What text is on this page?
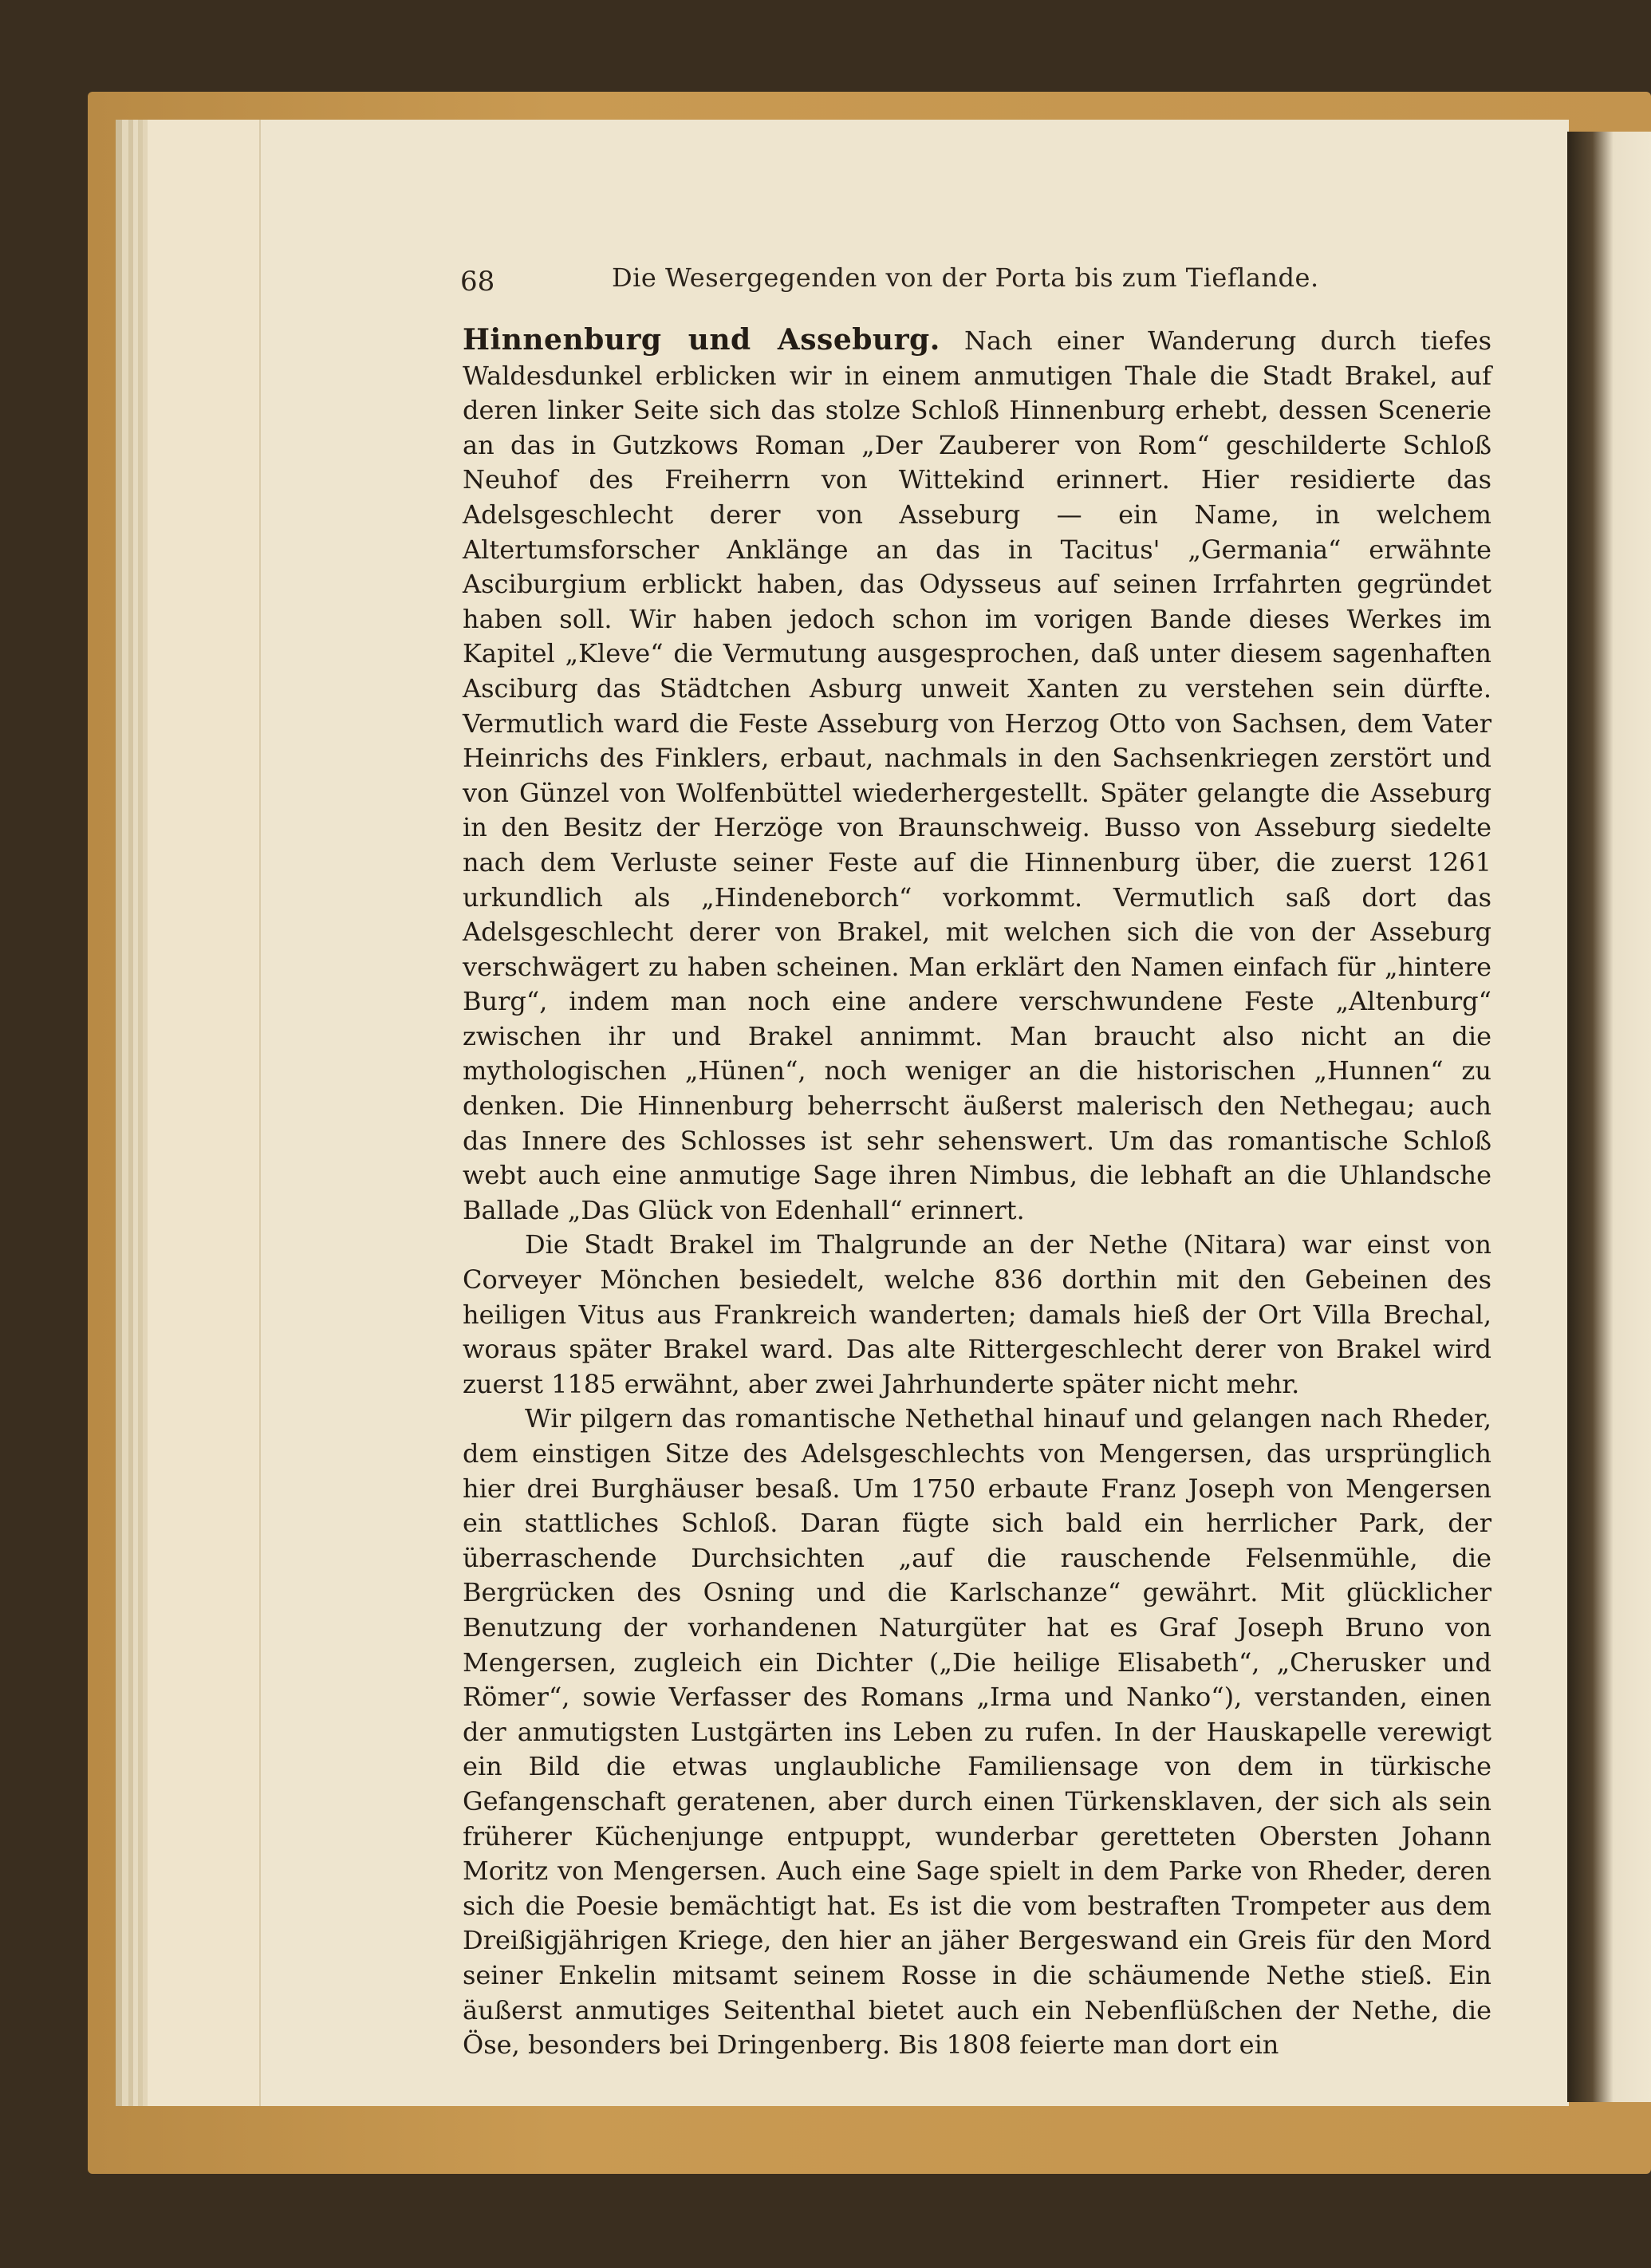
68	Die Wesergegenden von der Porta bis zum Tieflande.

Hinnenburg und Asseburg. Nach einer Wanderung durch tiefes Waldesdunkel erblicken wir in einem anmutigen Thale die Stadt Brakel, auf deren linker Seite sich das stolze Schloß Hinnenburg erhebt, dessen Scenerie an das in Gutzkows Roman „Der Zauberer von Rom“ geschilderte Schloß Neuhof des Freiherrn von Wittekind erinnert. Hier residierte das Adelsgeschlecht derer von Asseburg — ein Name, in welchem Altertumsforscher Anklänge an das in Tacitus' „Germania“ erwähnte Asciburgium erblickt haben, das Odysseus auf seinen Irrfahrten gegründet haben soll. Wir haben jedoch schon im vorigen Bande dieses Werkes im Kapitel „Kleve“ die Vermutung ausgesprochen, daß unter diesem sagenhaften Asciburg das Städtchen Asburg unweit Xanten zu verstehen sein dürfte. Vermutlich ward die Feste Asseburg von Herzog Otto von Sachsen, dem Vater Heinrichs des Finklers, erbaut, nachmals in den Sachsenkriegen zerstört und von Günzel von Wolfenbüttel wiederhergestellt. Später gelangte die Asseburg in den Besitz der Herzöge von Braunschweig. Busso von Asseburg siedelte nach dem Verluste seiner Feste auf die Hinnenburg über, die zuerst 1261 urkundlich als „Hindeneborch“ vorkommt. Vermutlich saß dort das Adelsgeschlecht derer von Brakel, mit welchen sich die von der Asseburg verschwägert zu haben scheinen. Man erklärt den Namen einfach für „hintere Burg“, indem man noch eine andere verschwundene Feste „Altenburg“ zwischen ihr und Brakel annimmt. Man braucht also nicht an die mythologischen „Hünen“, noch weniger an die historischen „Hunnen“ zu denken. Die Hinnenburg beherrscht äußerst malerisch den Nethegau; auch das Innere des Schlosses ist sehr sehenswert. Um das romantische Schloß webt auch eine anmutige Sage ihren Nimbus, die lebhaft an die Uhlandsche Ballade „Das Glück von Edenhall“ erinnert.

Die Stadt Brakel im Thalgrunde an der Nethe (Nitara) war einst von Corveyer Mönchen besiedelt, welche 836 dorthin mit den Gebeinen des heiligen Vitus aus Frankreich wanderten; damals hieß der Ort Villa Brechal, woraus später Brakel ward. Das alte Rittergeschlecht derer von Brakel wird zuerst 1185 erwähnt, aber zwei Jahrhunderte später nicht mehr.

Wir pilgern das romantische Nethethal hinauf und gelangen nach Rheder, dem einstigen Sitze des Adelsgeschlechts von Mengersen, das ursprünglich hier drei Burghäuser besaß. Um 1750 erbaute Franz Joseph von Mengersen ein stattliches Schloß. Daran fügte sich bald ein herrlicher Park, der überraschende Durchsichten „auf die rauschende Felsenmühle, die Bergrücken des Osning und die Karlschanze“ gewährt. Mit glücklicher Benutzung der vorhandenen Naturgüter hat es Graf Joseph Bruno von Mengersen, zugleich ein Dichter („Die heilige Elisabeth“, „Cherusker und Römer“, sowie Verfasser des Romans „Irma und Nanko“), verstanden, einen der anmutigsten Lustgärten ins Leben zu rufen. In der Hauskapelle verewigt ein Bild die etwas unglaubliche Familiensage von dem in türkische Gefangenschaft geratenen, aber durch einen Türkensklaven, der sich als sein früherer Küchenjunge entpuppt, wunderbar geretteten Obersten Johann Moritz von Mengersen. Auch eine Sage spielt in dem Parke von Rheder, deren sich die Poesie bemächtigt hat. Es ist die vom bestraften Trompeter aus dem Dreißigjährigen Kriege, den hier an jäher Bergeswand ein Greis für den Mord seiner Enkelin mitsamt seinem Rosse in die schäumende Nethe stieß. Ein äußerst anmutiges Seitenthal bietet auch ein Nebenflüßchen der Nethe, die Öse, besonders bei Dringenberg. Bis 1808 feierte man dort ein
